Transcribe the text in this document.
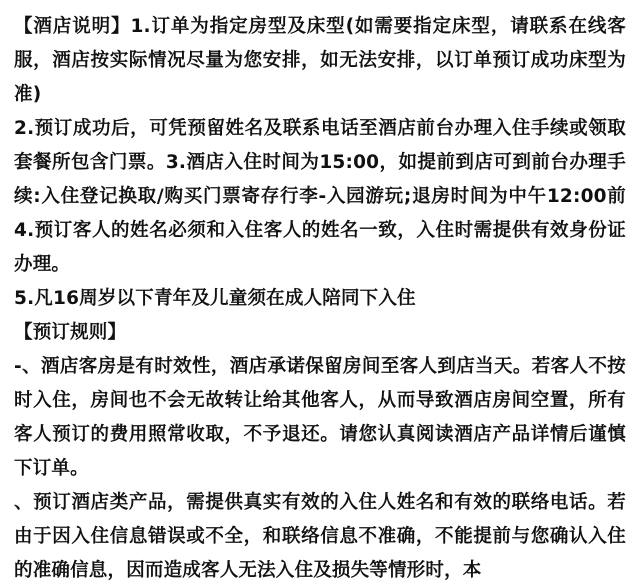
【酒店说明】1.订单为指定房型及床型(如需要指定床型，请联系在线客服，酒店按实际情况尽量为您安排，如无法安排，以订单预订成功床型为准)

2.预订成功后，可凭预留姓名及联系电话至酒店前台办理入住手续或领取套餐所包含门票。3.酒店入住时间为15:00，如提前到店可到前台办理手续:入住登记换取/购买门票寄存行李-入园游玩;退房时间为中午12:00前4.预订客人的姓名必须和入住客人的姓名一致，入住时需提供有效身份证办理。

5.凡16周岁以下青年及儿童须在成人陪同下入住

【预订规则】

-、酒店客房是有时效性，酒店承诺保留房间至客人到店当天。若客人不按时入住，房间也不会无故转让给其他客人，从而导致酒店房间空置，所有客人预订的费用照常收取，不予退还。请您认真阅读酒店产品详情后谨慎下订单。

、预订酒店类产品，需提供真实有效的入住人姓名和有效的联络电话。若由于因入住信息错误或不全，和联络信息不准确，不能提前与您确认入住的准确信息，因而造成客人无法入住及损失等情形时，本
